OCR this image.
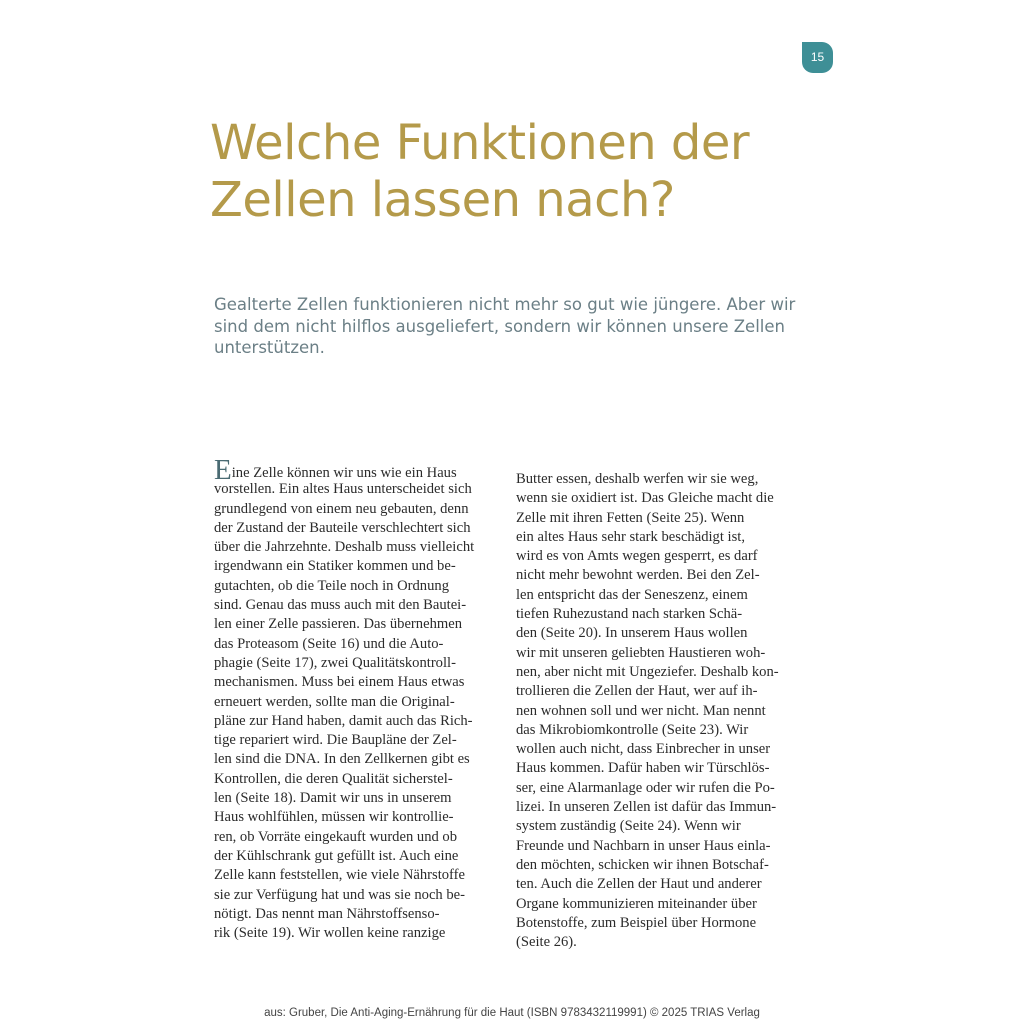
15
Welche Funktionen der
Zellen lassen nach?

Gealterte Zellen funktionieren nicht mehr so gut wie jüngere. Aber wir
sind dem nicht hilflos ausgeliefert, sondern wir können unsere Zellen
unterstützen.

Eine Zelle können wir uns wie ein Haus
vorstellen. Ein altes Haus unterscheidet sich
grundlegend von einem neu gebauten, denn
der Zustand der Bauteile verschlechtert sich
über die Jahrzehnte. Deshalb muss vielleicht
irgendwann ein Statiker kommen und be-
gutachten, ob die Teile noch in Ordnung
sind. Genau das muss auch mit den Bautei-
len einer Zelle passieren. Das übernehmen
das Proteasom (Seite 16) und die Auto-
phagie (Seite 17), zwei Qualitätskontroll-
mechanismen. Muss bei einem Haus etwas
erneuert werden, sollte man die Original-
pläne zur Hand haben, damit auch das Rich-
tige repariert wird. Die Baupläne der Zel-
len sind die DNA. In den Zellkernen gibt es
Kontrollen, die deren Qualität sicherstel-
len (Seite 18). Damit wir uns in unserem
Haus wohlfühlen, müssen wir kontrollie-
ren, ob Vorräte eingekauft wurden und ob
der Kühlschrank gut gefüllt ist. Auch eine
Zelle kann feststellen, wie viele Nährstoffe
sie zur Verfügung hat und was sie noch be-
nötigt. Das nennt man Nährstoffsenso-
rik (Seite 19). Wir wollen keine ranzige
Butter essen, deshalb werfen wir sie weg,
wenn sie oxidiert ist. Das Gleiche macht die
Zelle mit ihren Fetten (Seite 25). Wenn
ein altes Haus sehr stark beschädigt ist,
wird es von Amts wegen gesperrt, es darf
nicht mehr bewohnt werden. Bei den Zel-
len entspricht das der Seneszenz, einem
tiefen Ruhezustand nach starken Schä-
den (Seite 20). In unserem Haus wollen
wir mit unseren geliebten Haustieren woh-
nen, aber nicht mit Ungeziefer. Deshalb kon-
trollieren die Zellen der Haut, wer auf ih-
nen wohnen soll und wer nicht. Man nennt
das Mikrobiomkontrolle (Seite 23). Wir
wollen auch nicht, dass Einbrecher in unser
Haus kommen. Dafür haben wir Türschlös-
ser, eine Alarmanlage oder wir rufen die Po-
lizei. In unseren Zellen ist dafür das Immun-
system zuständig (Seite 24). Wenn wir
Freunde und Nachbarn in unser Haus einla-
den möchten, schicken wir ihnen Botschaf-
ten. Auch die Zellen der Haut und anderer
Organe kommunizieren miteinander über
Botenstoffe, zum Beispiel über Hormone
(Seite 26).
aus: Gruber, Die Anti-Aging-Ernährung für die Haut (ISBN 9783432119991) © 2025 TRIAS Verlag
